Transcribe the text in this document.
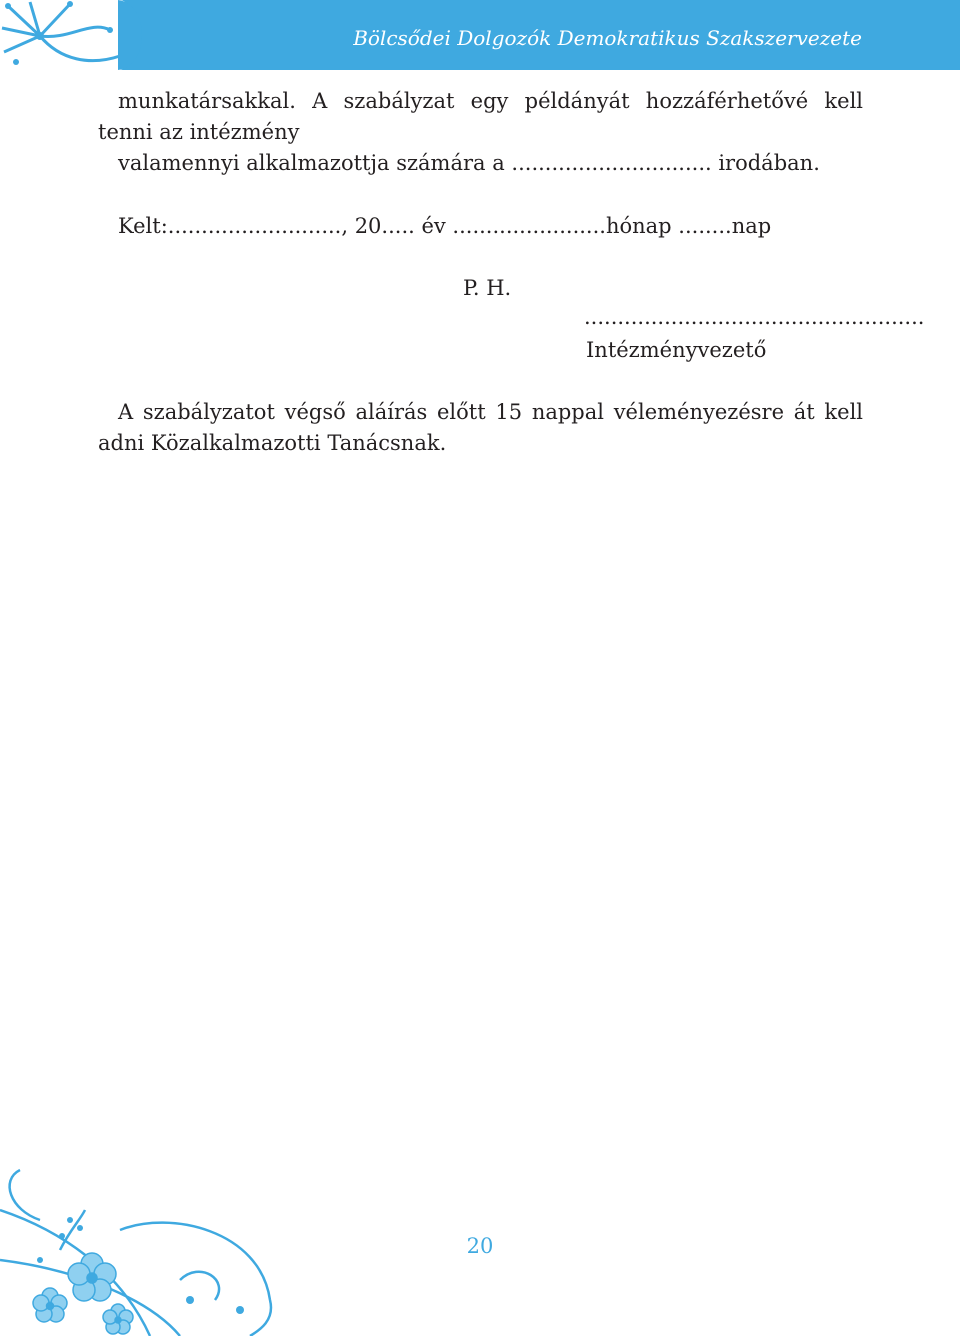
Bölcsődei Dolgozók Demokratikus Szakszervezete
munkatársakkal. A szabályzat egy példányát hozzáférhetővé kell
tenni az intézmény
valamennyi alkalmazottja számára a .............................. irodában.
Kelt:.........................., 20..... év .......................hónap ........nap
P. H.
...................................................
Intézményvezető
A szabályzatot végső aláírás előtt 15 nappal véleményezésre át kell
adni Közalkalmazotti Tanácsnak.
20
